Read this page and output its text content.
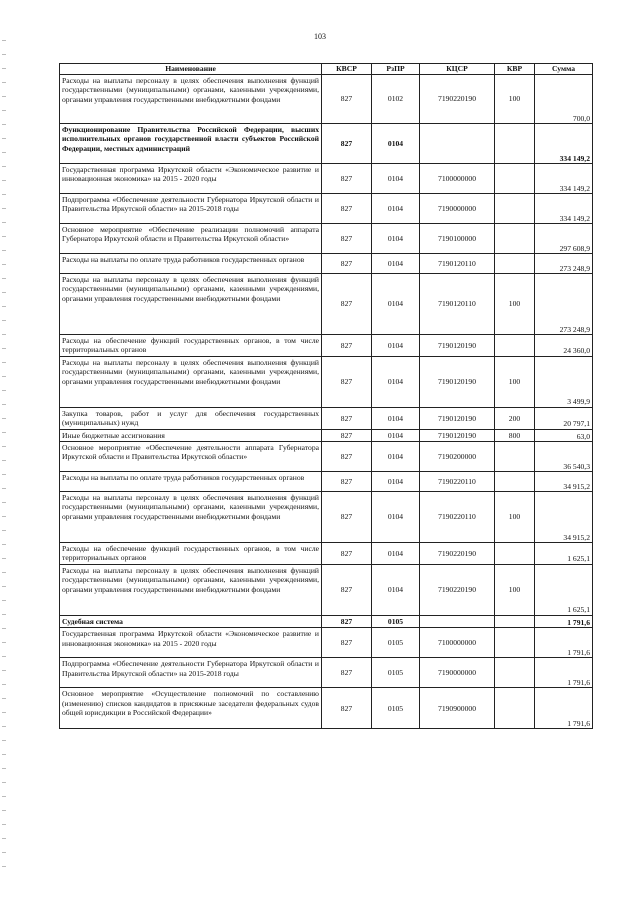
103
Наименование	КВСР	РзПР	КЦСР	КВР	Сумма
Расходы на выплаты персоналу в целях обеспечения выполнения функций государственными (муниципальными) органами, казенными учреждениями, органами управления государственными внебюджетными фондами	827	0102	7190220190	100	700,0
Функционирование Правительства Российской Федерации, высших исполнительных органов государственной власти субъектов Российской Федерации, местных администраций	827	0104			334 149,2
Государственная программа Иркутской области «Экономическое развитие и инновационная экономика» на 2015 - 2020 годы	827	0104	7100000000		334 149,2
Подпрограмма «Обеспечение деятельности Губернатора Иркутской области и Правительства Иркутской области» на 2015-2018 годы	827	0104	7190000000		334 149,2
Основное мероприятие «Обеспечение реализации полномочий аппарата Губернатора Иркутской области и Правительства Иркутской области»	827	0104	7190100000		297 608,9
Расходы на выплаты по оплате труда работников государственных органов	827	0104	7190120110		273 248,9
Расходы на выплаты персоналу в целях обеспечения выполнения функций государственными (муниципальными) органами, казенными учреждениями, органами управления государственными внебюджетными фондами	827	0104	7190120110	100	273 248,9
Расходы на обеспечение функций государственных органов, в том числе территориальных органов	827	0104	7190120190		24 360,0
Расходы на выплаты персоналу в целях обеспечения выполнения функций государственными (муниципальными) органами, казенными учреждениями, органами управления государственными внебюджетными фондами	827	0104	7190120190	100	3 499,9
Закупка товаров, работ и услуг для обеспечения государственных (муниципальных) нужд	827	0104	7190120190	200	20 797,1
Иные бюджетные ассигнования	827	0104	7190120190	800	63,0
Основное мероприятие «Обеспечение деятельности аппарата Губернатора Иркутской области и Правительства Иркутской области»	827	0104	7190200000		36 540,3
Расходы на выплаты по оплате труда работников государственных органов	827	0104	7190220110		34 915,2
Расходы на выплаты персоналу в целях обеспечения выполнения функций государственными (муниципальными) органами, казенными учреждениями, органами управления государственными внебюджетными фондами	827	0104	7190220110	100	34 915,2
Расходы на обеспечение функций государственных органов, в том числе территориальных органов	827	0104	7190220190		1 625,1
Расходы на выплаты персоналу в целях обеспечения выполнения функций государственными (муниципальными) органами, казенными учреждениями, органами управления государственными внебюджетными фондами	827	0104	7190220190	100	1 625,1
Судебная система	827	0105			1 791,6
Государственная программа Иркутской области «Экономическое развитие и инновационная экономика» на 2015 - 2020 годы	827	0105	7100000000		1 791,6
Подпрограмма «Обеспечение деятельности Губернатора Иркутской области и Правительства Иркутской области» на 2015-2018 годы	827	0105	7190000000		1 791,6
Основное мероприятие «Осуществление полномочий по составлению (изменению) списков кандидатов в присяжные заседатели федеральных судов общей юрисдикции в Российской Федерации»	827	0105	7190900000		1 791,6
